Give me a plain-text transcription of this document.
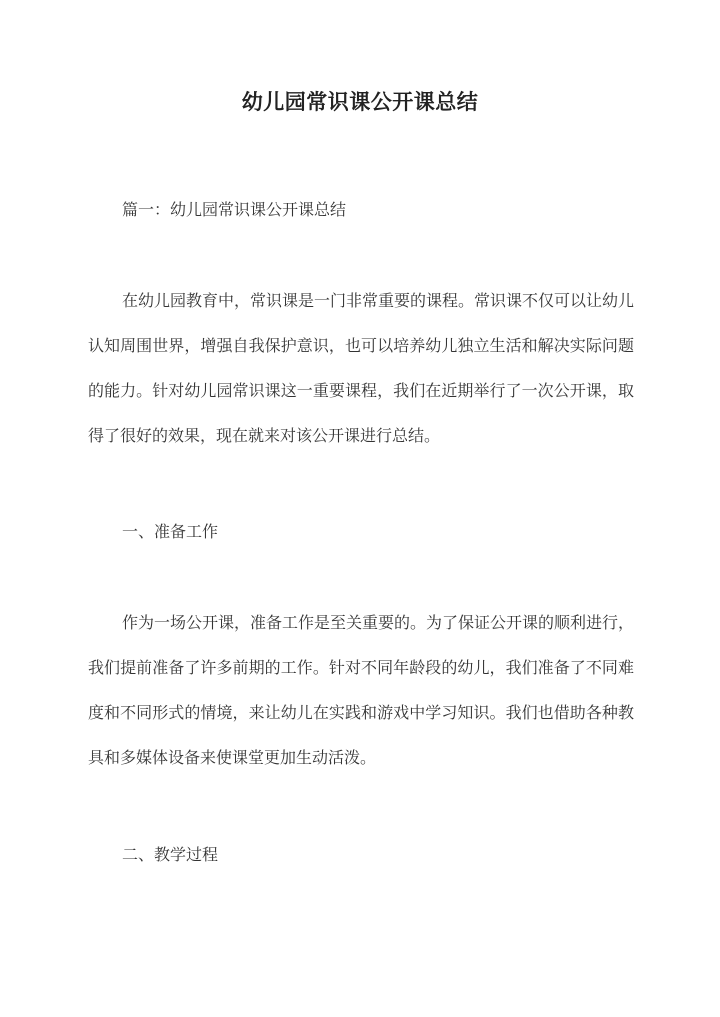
幼儿园常识课公开课总结
篇一：幼儿园常识课公开课总结

在幼儿园教育中，常识课是一门非常重要的课程。常识课不仅可以让幼儿认知周围世界，增强自我保护意识，也可以培养幼儿独立生活和解决实际问题的能力。针对幼儿园常识课这一重要课程，我们在近期举行了一次公开课，取得了很好的效果，现在就来对该公开课进行总结。

一、准备工作

作为一场公开课，准备工作是至关重要的。为了保证公开课的顺利进行，我们提前准备了许多前期的工作。针对不同年龄段的幼儿，我们准备了不同难度和不同形式的情境，来让幼儿在实践和游戏中学习知识。我们也借助各种教具和多媒体设备来使课堂更加生动活泼。

二、教学过程
